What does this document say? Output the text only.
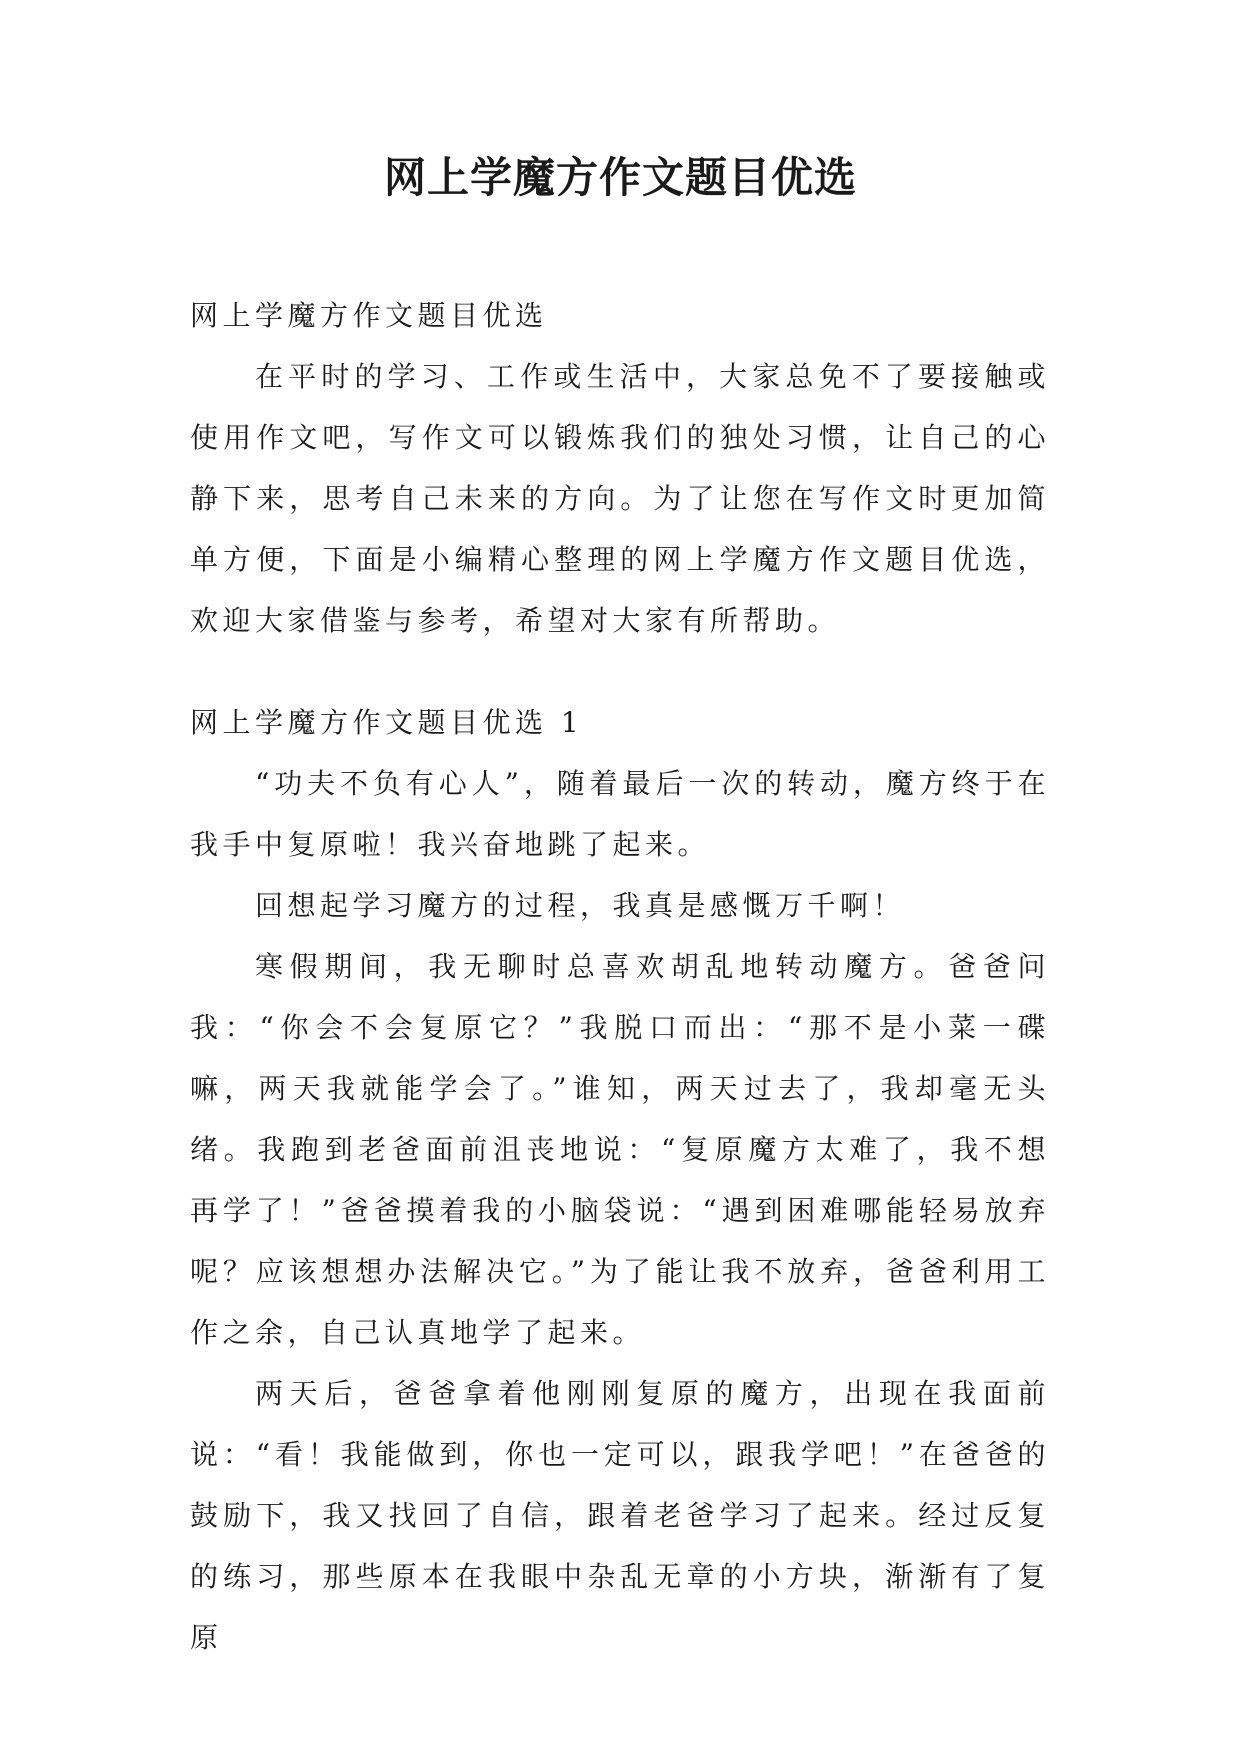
网上学魔方作文题目优选

网上学魔方作文题目优选

在平时的学习、工作或生活中，大家总免不了要接触或使用作文吧，写作文可以锻炼我们的独处习惯，让自己的心静下来，思考自己未来的方向。为了让您在写作文时更加简单方便，下面是小编精心整理的网上学魔方作文题目优选，欢迎大家借鉴与参考，希望对大家有所帮助。

网上学魔方作文题目优选 1

“功夫不负有心人”，随着最后一次的转动，魔方终于在我手中复原啦！我兴奋地跳了起来。

回想起学习魔方的过程，我真是感慨万千啊！

寒假期间，我无聊时总喜欢胡乱地转动魔方。爸爸问我：“你会不会复原它？”我脱口而出：“那不是小菜一碟嘛，两天我就能学会了。”谁知，两天过去了，我却毫无头绪。我跑到老爸面前沮丧地说：“复原魔方太难了，我不想再学了！”爸爸摸着我的小脑袋说：“遇到困难哪能轻易放弃呢？应该想想办法解决它。”为了能让我不放弃，爸爸利用工作之余，自己认真地学了起来。

两天后，爸爸拿着他刚刚复原的魔方，出现在我面前说：“看！我能做到，你也一定可以，跟我学吧！”在爸爸的鼓励下，我又找回了自信，跟着老爸学习了起来。经过反复的练习，那些原本在我眼中杂乱无章的小方块，渐渐有了复原
